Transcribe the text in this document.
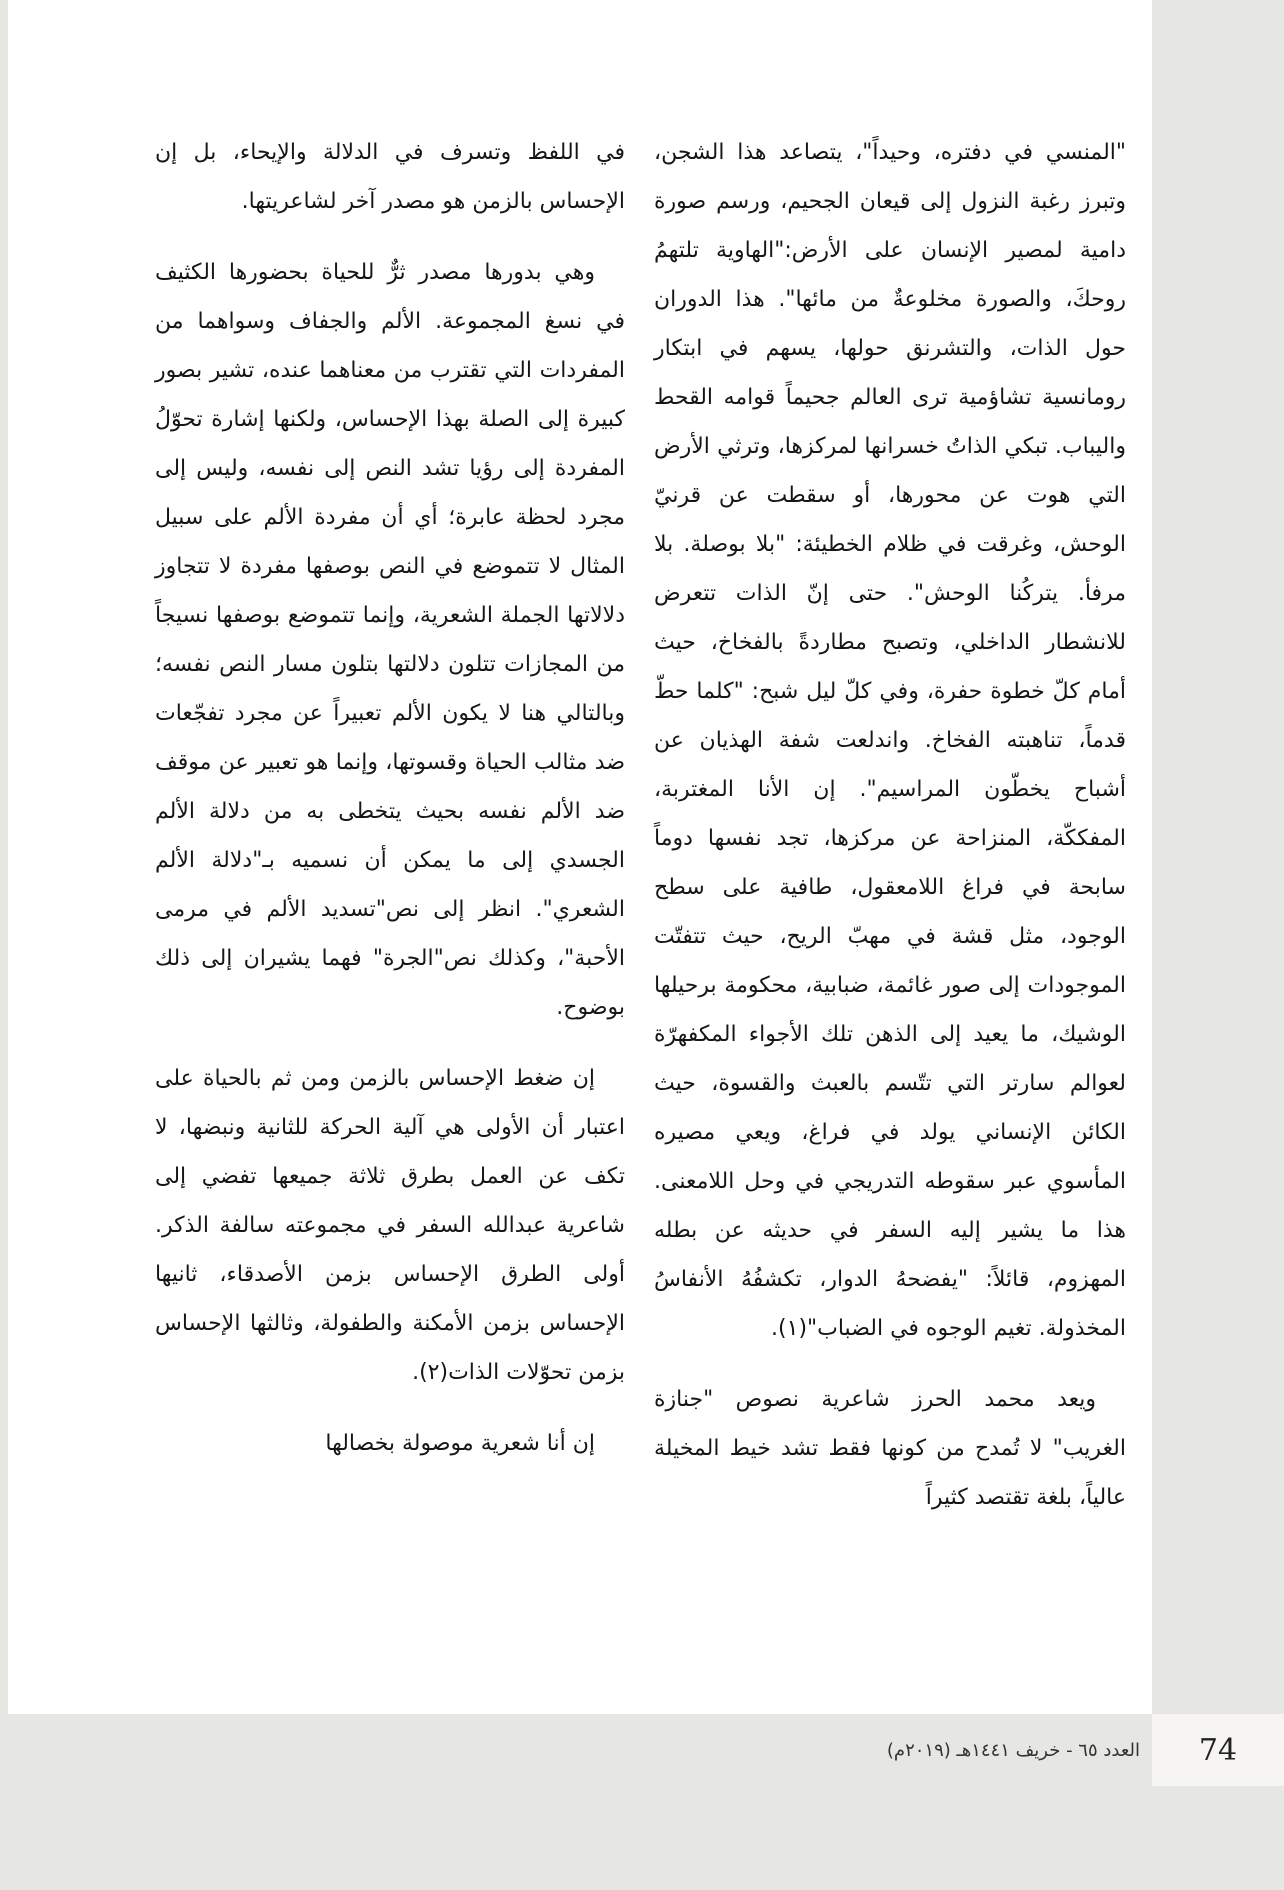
"المنسي في دفتره، وحيداً"، يتصاعد هذا الشجن، وتبرز رغبة النزول إلى قيعان الجحيم، ورسم صورة دامية لمصير الإنسان على الأرض:"الهاوية تلتهمُ روحكَ، والصورة مخلوعةٌ من مائها". هذا الدوران حول الذات، والتشرنق حولها، يسهم في ابتكار رومانسية تشاؤمية ترى العالم جحيماً قوامه القحط واليباب. تبكي الذاتُ خسرانها لمركزها، وترثي الأرض التي هوت عن محورها، أو سقطت عن قرنيّ الوحش، وغرقت في ظلام الخطيئة: "بلا بوصلة. بلا مرفأ. يتركُنا الوحش". حتى إنّ الذات تتعرض للانشطار الداخلي، وتصبح مطاردةً بالفخاخ، حيث أمام كلّ خطوة حفرة، وفي كلّ ليل شبح: "كلما حطّ قدماً، تناهبته الفخاخ. واندلعت شفة الهذيان عن أشباح يخطّون المراسيم". إن الأنا المغتربة، المفككّة، المنزاحة عن مركزها، تجد نفسها دوماً سابحة في فراغ اللامعقول، طافية على سطح الوجود، مثل قشة في مهبّ الريح، حيث تتفتّت الموجودات إلى صور غائمة، ضبابية، محكومة برحيلها الوشيك، ما يعيد إلى الذهن تلك الأجواء المكفهرّة لعوالم سارتر التي تتّسم بالعبث والقسوة، حيث الكائن الإنساني يولد في فراغ، ويعي مصيره المأسوي عبر سقوطه التدريجي في وحل اللامعنى. هذا ما يشير إليه السفر في حديثه عن بطله المهزوم، قائلاً: "يفضحهُ الدوار، تكشفُهُ الأنفاسُ المخذولة. تغيم الوجوه في الضباب"(١).

ويعد محمد الحرز شاعرية نصوص "جنازة الغريب" لا تُمدح من كونها فقط تشد خيط المخيلة عالياً، بلغة تقتصد كثيراً

في اللفظ وتسرف في الدلالة والإيحاء، بل إن الإحساس بالزمن هو مصدر آخر لشاعريتها.

وهي بدورها مصدر ثرٌّ للحياة بحضورها الكثيف في نسغ المجموعة. الألم والجفاف وسواهما من المفردات التي تقترب من معناهما عنده، تشير بصور كبيرة إلى الصلة بهذا الإحساس، ولكنها إشارة تحوّلُ المفردة إلى رؤيا تشد النص إلى نفسه، وليس إلى مجرد لحظة عابرة؛ أي أن مفردة الألم على سبيل المثال لا تتموضع في النص بوصفها مفردة لا تتجاوز دلالاتها الجملة الشعرية، وإنما تتموضع بوصفها نسيجاً من المجازات تتلون دلالتها بتلون مسار النص نفسه؛ وبالتالي هنا لا يكون الألم تعبيراً عن مجرد تفجّعات ضد مثالب الحياة وقسوتها، وإنما هو تعبير عن موقف ضد الألم نفسه بحيث يتخطى به من دلالة الألم الجسدي إلى ما يمكن أن نسميه بـ"دلالة الألم الشعري". انظر إلى نص"تسديد الألم في مرمى الأحبة"، وكذلك نص"الجرة" فهما يشيران إلى ذلك بوضوح.

إن ضغط الإحساس بالزمن ومن ثم بالحياة على اعتبار أن الأولى هي آلية الحركة للثانية ونبضها، لا تكف عن العمل بطرق ثلاثة جميعها تفضي إلى شاعرية عبدالله السفر في مجموعته سالفة الذكر. أولى الطرق الإحساس بزمن الأصدقاء، ثانيها الإحساس بزمن الأمكنة والطفولة، وثالثها الإحساس بزمن تحوّلات الذات(٢).

إن أنا شعرية موصولة بخصالها

74
العدد ٦٥ - خريف ١٤٤١هـ (٢٠١٩م)
